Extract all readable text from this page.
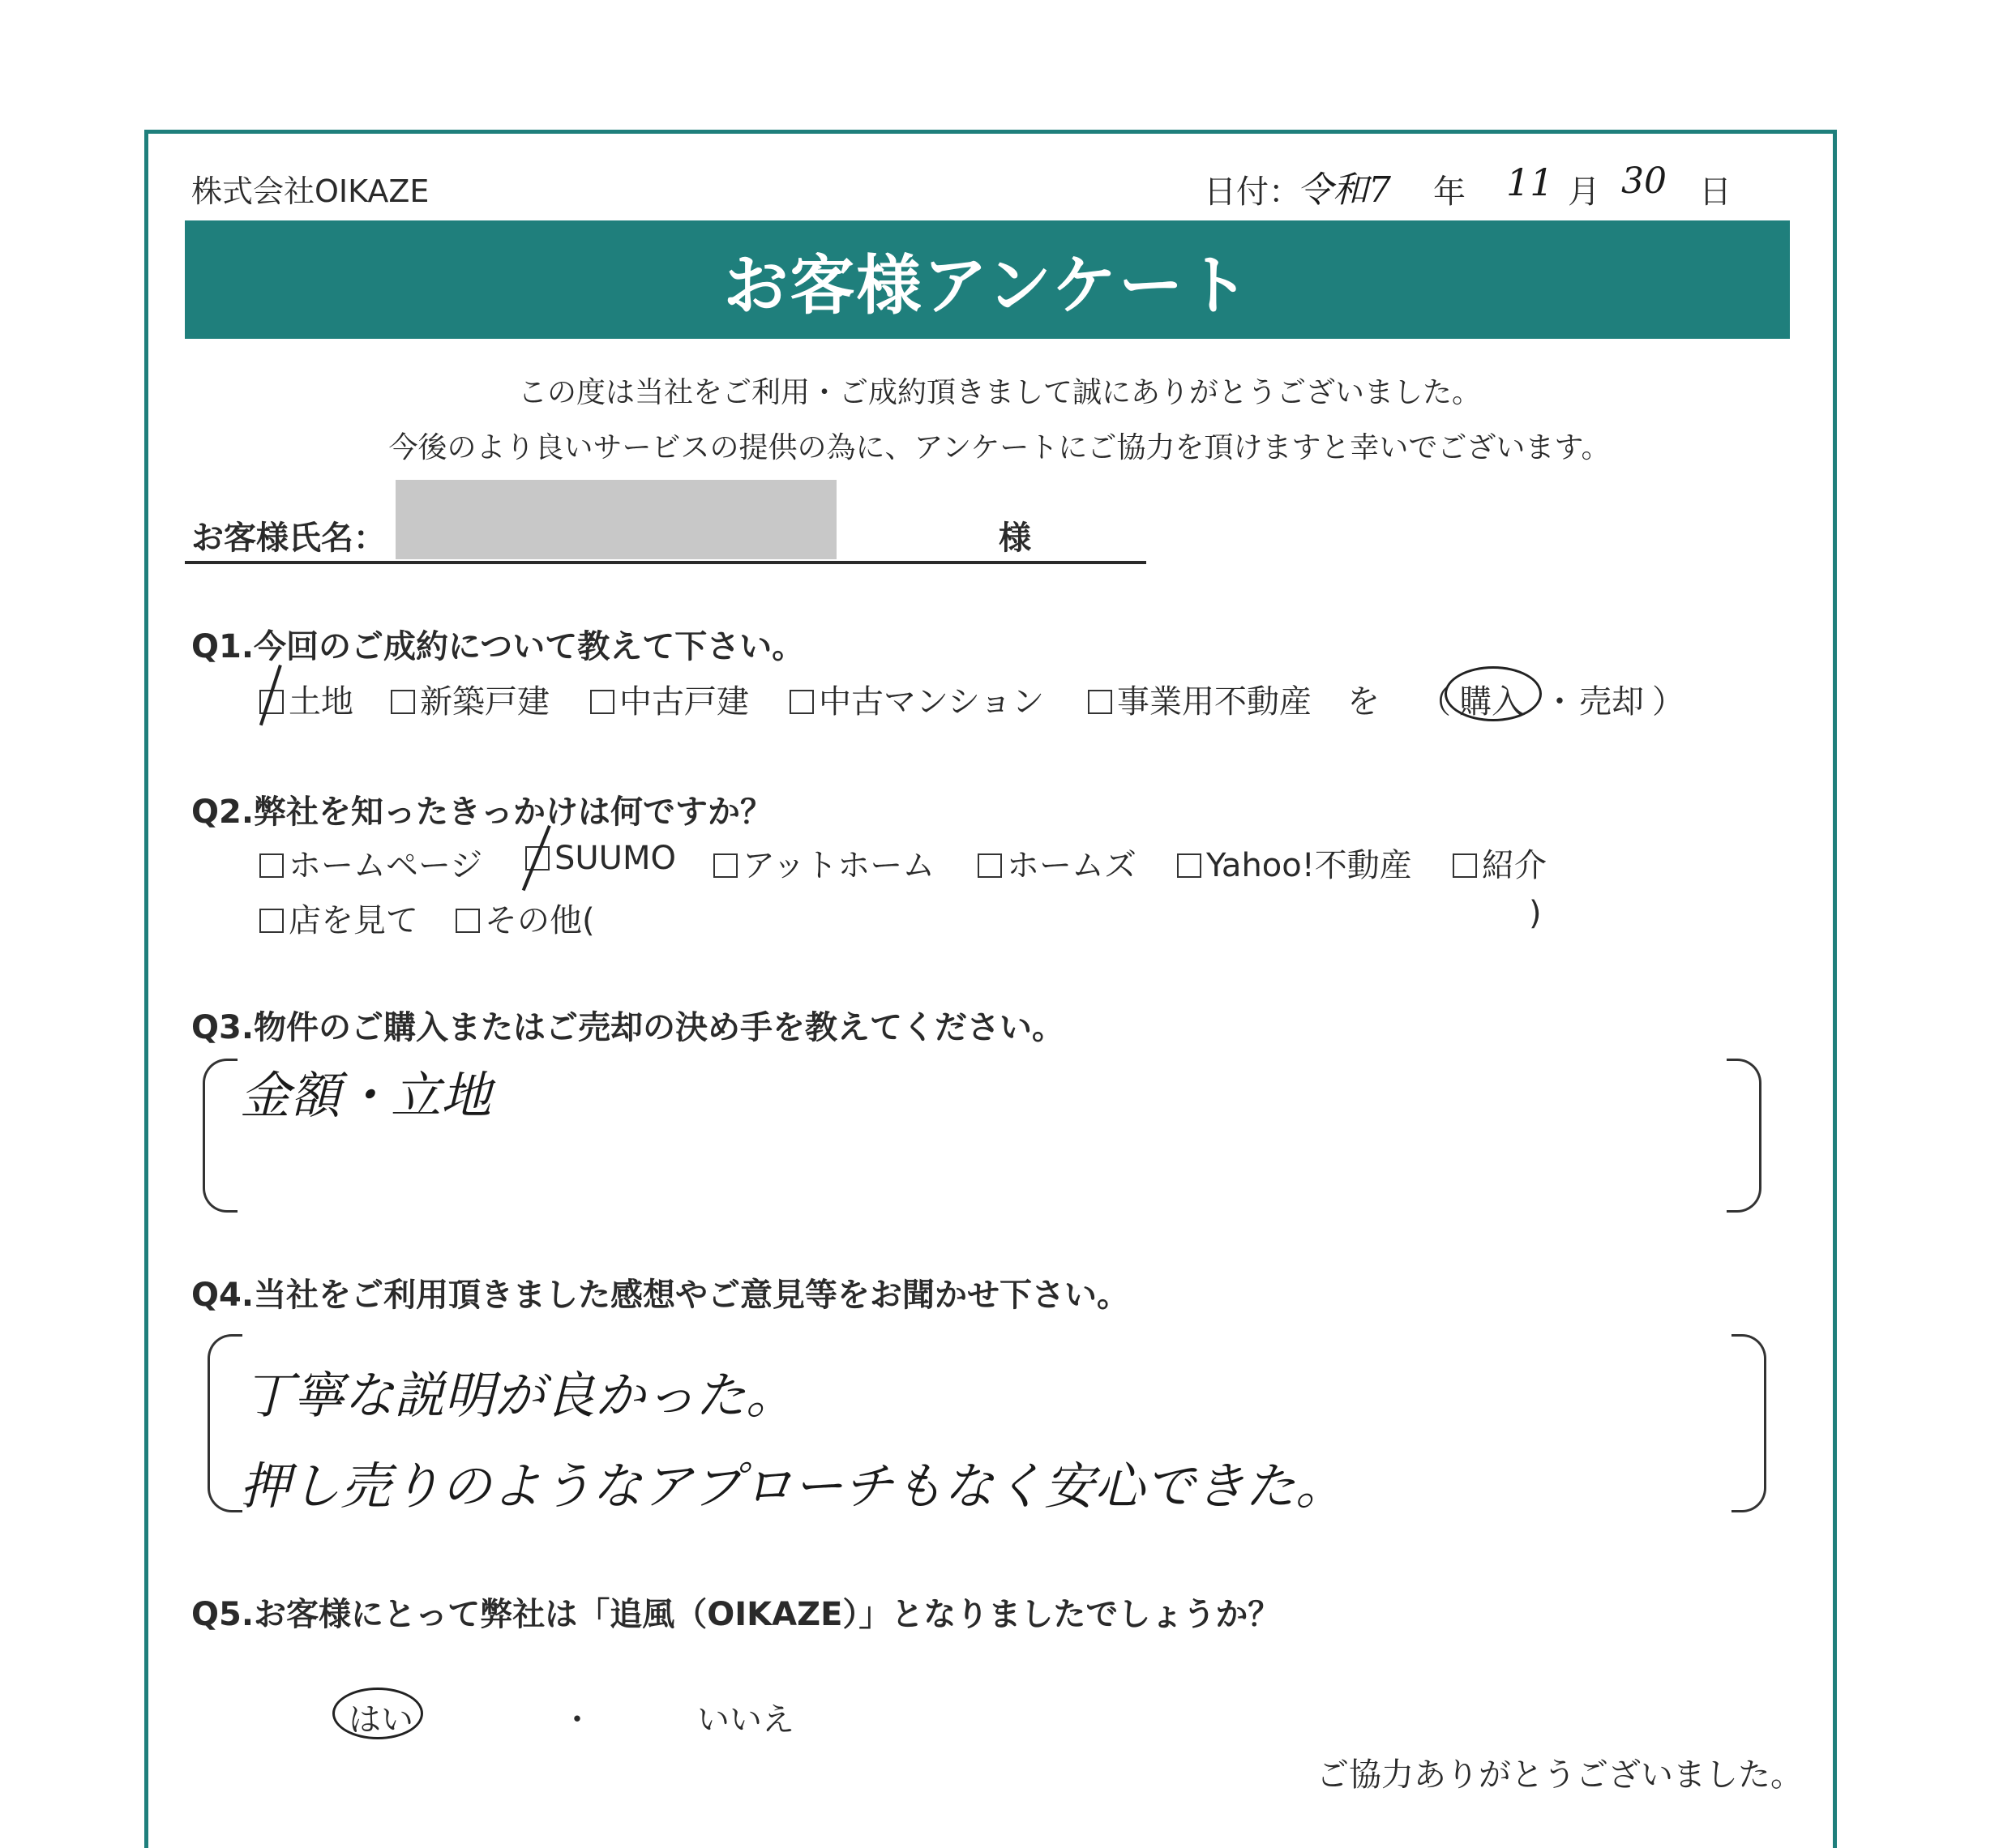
株式会社OIKAZE	日付：
令和7 年 11 月 30 日
お客様アンケート
この度は当社をご利用・ご成約頂きまして誠にありがとうございました。
今後のより良いサービスの提供の為に、アンケートにご協力を頂けますと幸いでございます。
お客様氏名：	様
Q1.今回のご成約について教えて下さい。
土地	新築戸建	中古戸建	中古マンション	事業用不動産 を （ 購入 ・ 売却 ）
Q2.弊社を知ったきっかけは何ですか？
ホームページ	SUUMO	アットホーム	ホームズ	Yahoo!不動産	紹介
店を見て	その他(	)
Q3.物件のご購入またはご売却の決め手を教えてください。
金額・立地
Q4.当社をご利用頂きました感想やご意見等をお聞かせ下さい。
丁寧な説明が良かった。
押し売りのようなアプローチもなく安心できた。
Q5.お客様にとって弊社は「追風（OIKAZE）」となりましたでしょうか？
はい	・	いいえ
ご協力ありがとうございました。
